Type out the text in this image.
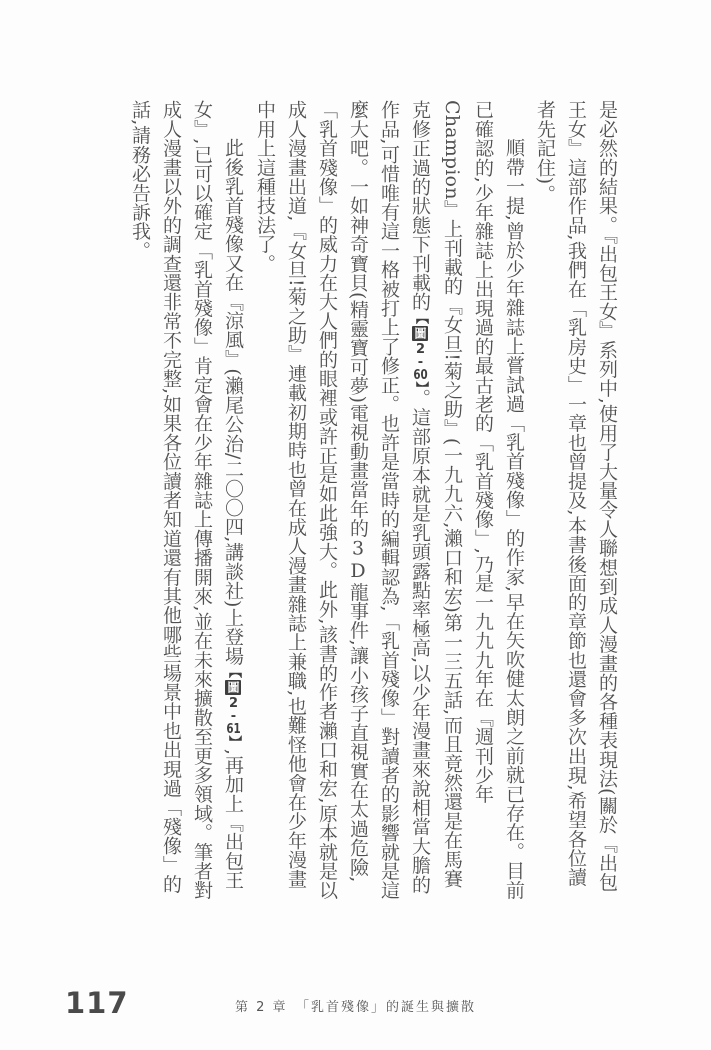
是必然的結果。『出包王女』系列中,使用了大量令人聯想到成人漫畫的各種表現法(關於『出包王女』這部作品,我們在「乳房史」一章也曾提及,本書後面的章節也還會多次出現,希望各位讀者先記住)。

順帶一提,曾於少年雜誌上嘗試過「乳首殘像」的作家,早在矢吹健太朗之前就已存在。目前已確認的,少年雜誌上出現過的最古老的「乳首殘像」,乃是一九九九年在『週刊少年Champion』上刊載的『女旦!菊之助』(一九九六,瀨口和宏)第一三五話,而且竟然還是在馬賽克修正過的狀態下刊載的【圖2-60】。這部原本就是乳頭露點率極高,以少年漫畫來說相當大膽的作品,可惜唯有這一格被打上了修正。也許是當時的編輯認為,「乳首殘像」對讀者的影響就是這麼大吧。一如神奇寶貝(精靈寶可夢)電視動畫當年的3D龍事件,讓小孩子直視實在太過危險,「乳首殘像」的威力在大人們的眼裡或許正是如此強大。此外,該書的作者瀨口和宏,原本就是以成人漫畫出道,『女旦!菊之助』連載初期時也曾在成人漫畫雜誌上兼職,也難怪他會在少年漫畫中用上這種技法了。

此後乳首殘像又在『涼風』(瀨尾公治/二〇〇四,講談社)上登場【圖2-61】,再加上『出包王女』,已可以確定「乳首殘像」肯定會在少年雜誌上傳播開來,並在未來擴散至更多領域。筆者對成人漫畫以外的調查還非常不完整,如果各位讀者知道還有其他哪些場景中也出現過「殘像」的話,請務必告訴我。

117	第 2 章　「乳首殘像」的誕生與擴散
